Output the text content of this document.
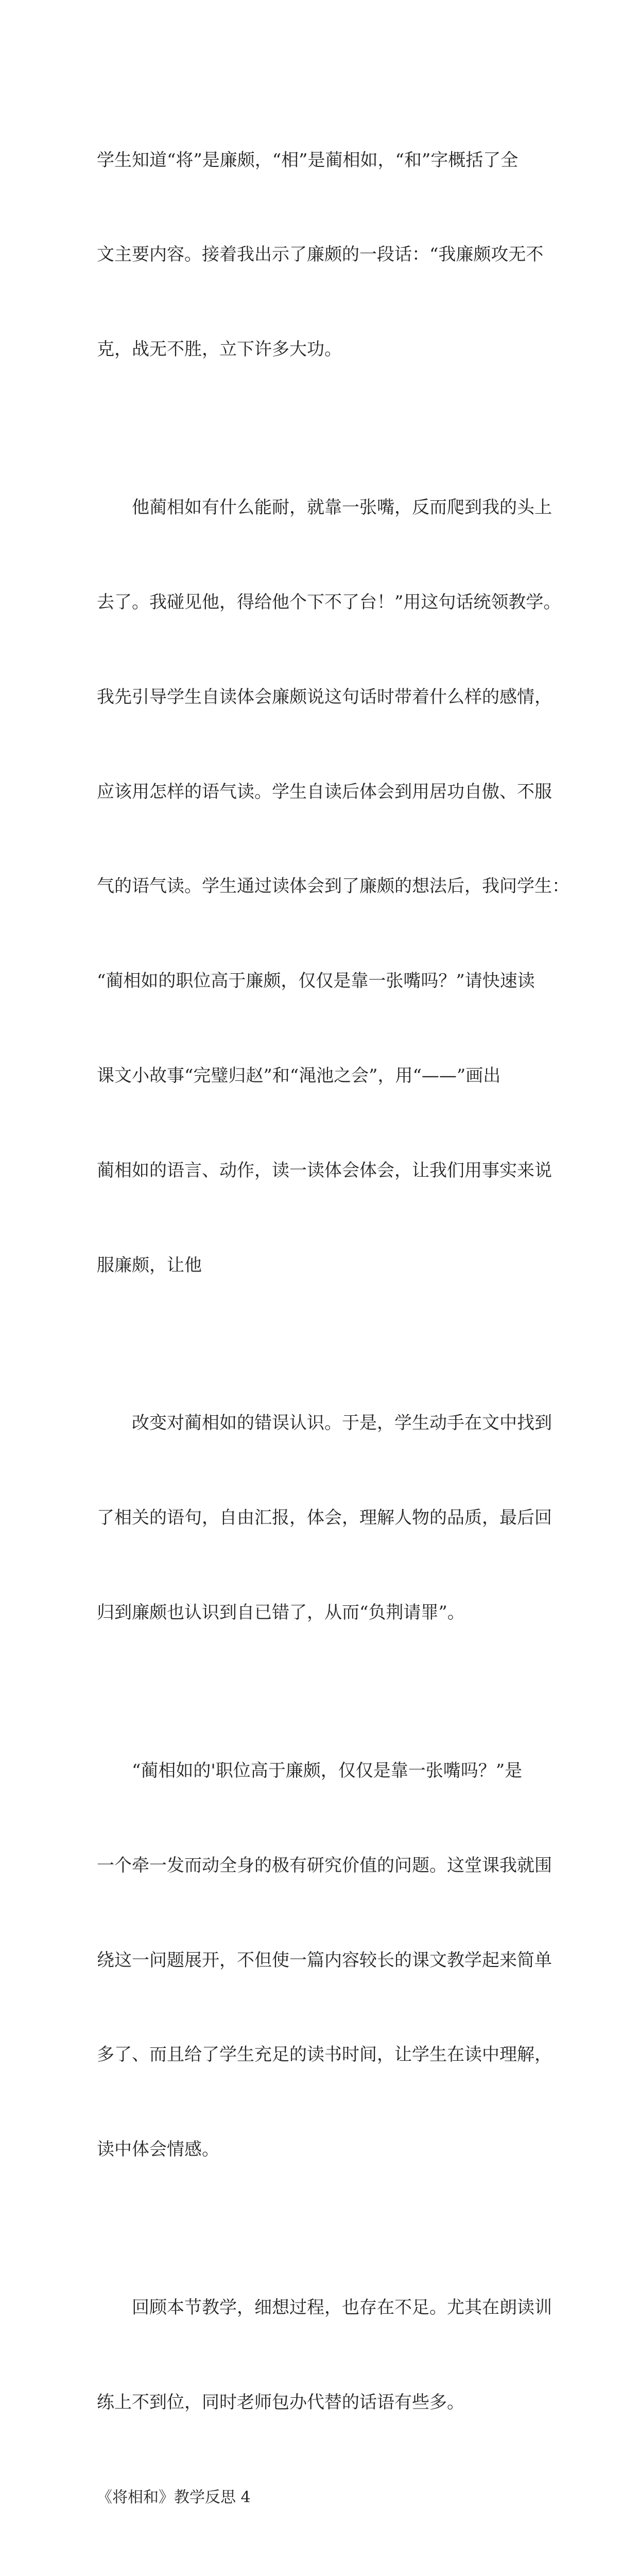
学生知道“将”是廉颇，“相”是蔺相如，“和”字概括了全

文主要内容。接着我出示了廉颇的一段话：“我廉颇攻无不

克，战无不胜，立下许多大功。

　　他蔺相如有什么能耐，就靠一张嘴，反而爬到我的头上

去了。我碰见他，得给他个下不了台！”用这句话统领教学。

我先引导学生自读体会廉颇说这句话时带着什么样的感情，

应该用怎样的语气读。学生自读后体会到用居功自傲、不服

气的语气读。学生通过读体会到了廉颇的想法后，我问学生：

“蔺相如的职位高于廉颇，仅仅是靠一张嘴吗？”请快速读

课文小故事“完璧归赵”和“渑池之会”，用“——”画出

蔺相如的语言、动作，读一读体会体会，让我们用事实来说

服廉颇，让他

　　改变对蔺相如的错误认识。于是，学生动手在文中找到

了相关的语句，自由汇报，体会，理解人物的品质，最后回

归到廉颇也认识到自已错了，从而“负荆请罪”。

　　“蔺相如的'职位高于廉颇，仅仅是靠一张嘴吗？”是

一个牵一发而动全身的极有研究价值的问题。这堂课我就围

绕这一问题展开，不但使一篇内容较长的课文教学起来简单

多了、而且给了学生充足的读书时间，让学生在读中理解，

读中体会情感。

　　回顾本节教学，细想过程，也存在不足。尤其在朗读训

练上不到位，同时老师包办代替的话语有些多。

《将相和》教学反思 4
